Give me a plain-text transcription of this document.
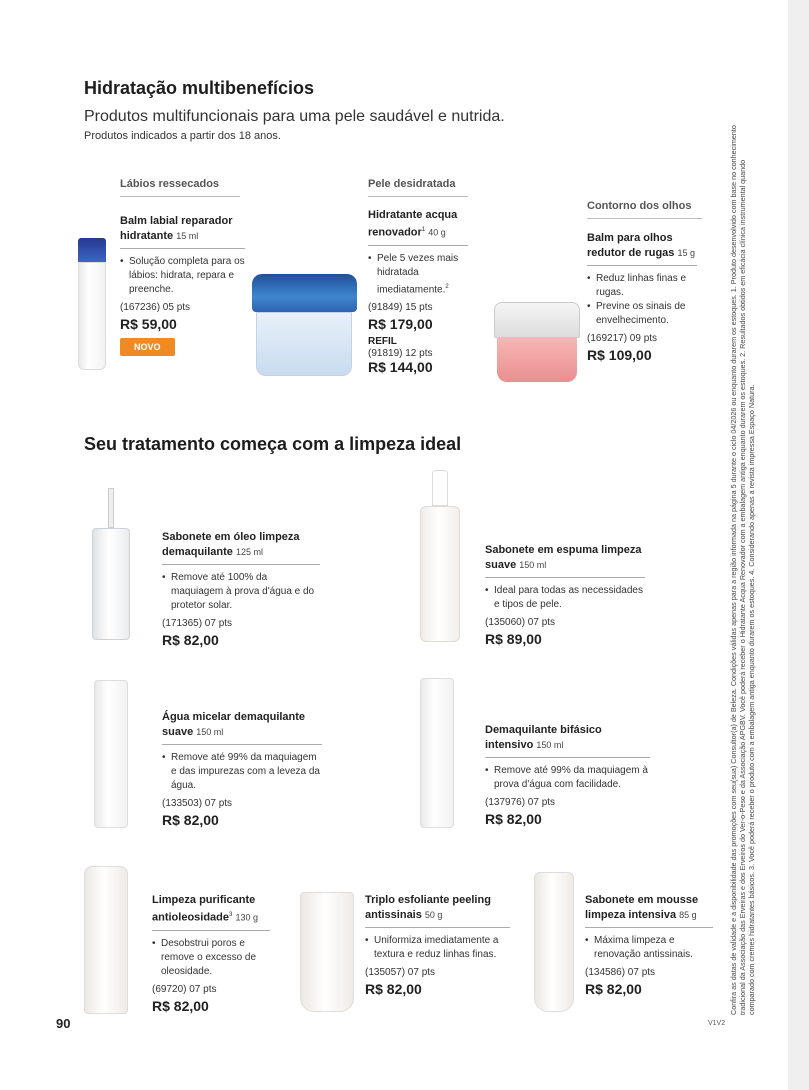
Hidratação multibenefícios
Produtos multifuncionais para uma pele saudável e nutrida.
Produtos indicados a partir dos 18 anos.
Lábios ressecados	Pele desidratada
Contorno dos olhos
Balm labial reparador hidratante 15 ml
• Solução completa para os lábios: hidrata, repara e preenche.
(167236) 05 pts
R$ 59,00
NOVO
Hidratante acqua renovador$^1$ 40 g
• Pele 5 vezes mais hidratada imediatamente.$^2$
(91849) 15 pts
R$ 179,00
REFIL
(91819) 12 pts
R$ 144,00
Balm para olhos redutor de rugas 15 g
• Reduz linhas finas e rugas.
• Previne os sinais de envelhecimento.
(169217) 09 pts
R$ 109,00
Seu tratamento começa com a limpeza ideal
Sabonete em óleo limpeza demaquilante 125 ml
• Remove até 100% da maquiagem à prova d'água e do protetor solar.
(171365) 07 pts
R$ 82,00
Sabonete em espuma limpeza suave 150 ml
• Ideal para todas as necessidades e tipos de pele.
(135060) 07 pts
R$ 89,00
Água micelar demaquilante suave 150 ml
• Remove até 99% da maquiagem e das impurezas com a leveza da água.
(133503) 07 pts
R$ 82,00
Demaquilante bifásico intensivo 150 ml
• Remove até 99% da maquiagem à prova d'água com facilidade.
(137976) 07 pts
R$ 82,00
Limpeza purificante antioleosidade$^3$ 130 g
• Desobstrui poros e remove o excesso de oleosidade.
(69720) 07 pts
R$ 82,00
Triplo esfoliante peeling antissinais 50 g
• Uniformiza imediatamente a textura e reduz linhas finas.
(135057) 07 pts
R$ 82,00
Sabonete em mousse limpeza intensiva 85 g
• Máxima limpeza e renovação antissinais.
(134586) 07 pts
R$ 82,00
90	V1V2
Confira as datas de validade e a disponibilidade das promoções com seu(sua) Consultor(a) de Beleza. Condições válidas apenas para a região informada na página 5 durante o ciclo 04/2026 ou enquanto durarem os estoques. 1. Produto desenvolvido com base no conhecimento tradicional da Associação das Erveiras e dos Erveiros do Ver-o-Peso e da Associação APGBV. Você poderá receber o Hidratante Acqua Renovador com a embalagem antiga enquanto durarem os estoques. 2. Resultados obtidos em eficácia clínica instrumental quando comparado com cremes hidratantes básicos. 3. Você poderá receber o produto com a embalagem antiga enquanto durarem os estoques. 4. Considerando apenas a revista impressa Espaço Natura.
